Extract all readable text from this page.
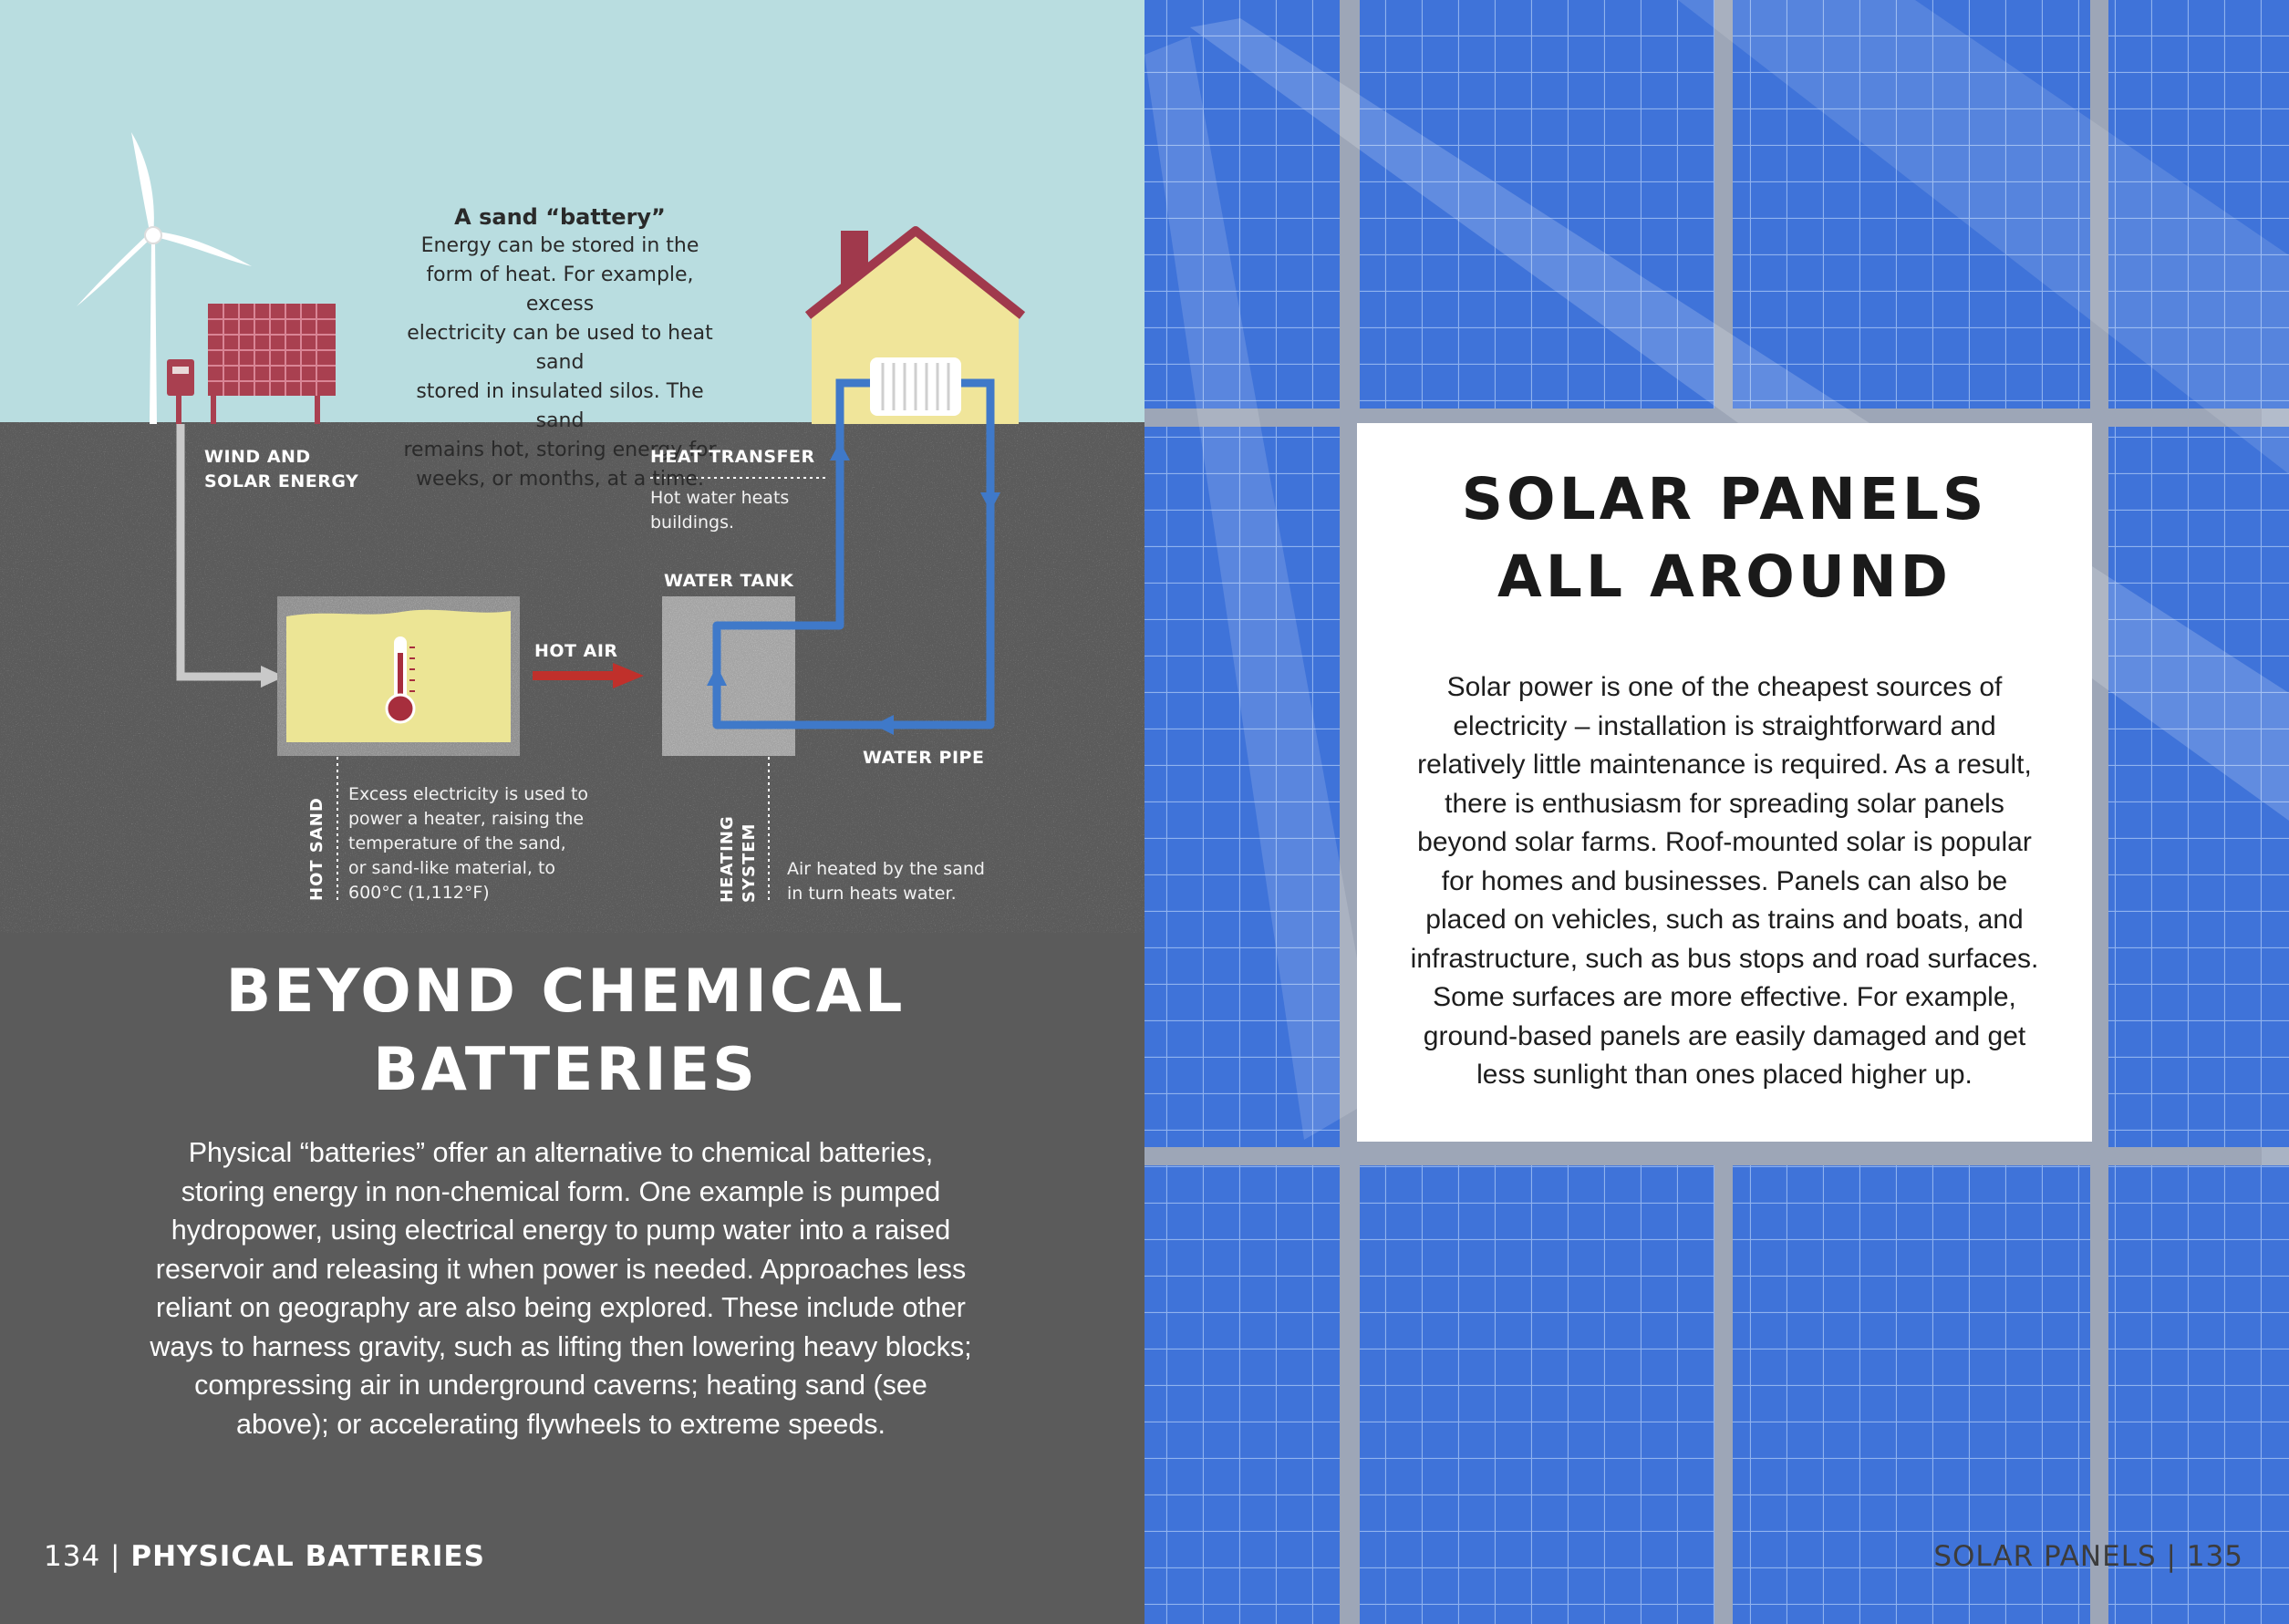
A sand “battery”
Energy can be stored in the
form of heat. For example, excess
electricity can be used to heat sand
stored in insulated silos. The sand
remains hot, storing energy for
weeks, or months, at a time.
WIND AND
SOLAR ENERGY
HEAT TRANSFER
Hot water heats
buildings.
WATER TANK
HOT AIR
WATER PIPE
HOT SAND	HEATING SYSTEM
Excess electricity is used to
power a heater, raising the
temperature of the sand,
or sand-like material, to
600°C (1,112°F)
Air heated by the sand
in turn heats water.
BEYOND CHEMICAL
BATTERIES
Physical “batteries” offer an alternative to chemical batteries,
storing energy in non-chemical form. One example is pumped
hydropower, using electrical energy to pump water into a raised
reservoir and releasing it when power is needed. Approaches less
reliant on geography are also being explored. These include other
ways to harness gravity, such as lifting then lowering heavy blocks;
compressing air in underground caverns; heating sand (see
above); or accelerating flywheels to extreme speeds.
SOLAR PANELS
ALL AROUND
Solar power is one of the cheapest sources of
electricity – installation is straightforward and
relatively little maintenance is required. As a result,
there is enthusiasm for spreading solar panels
beyond solar farms. Roof-mounted solar is popular
for homes and businesses. Panels can also be
placed on vehicles, such as trains and boats, and
infrastructure, such as bus stops and road surfaces.
Some surfaces are more effective. For example,
ground-based panels are easily damaged and get
less sunlight than ones placed higher up.
134 | PHYSICAL BATTERIES	SOLAR PANELS | 135
